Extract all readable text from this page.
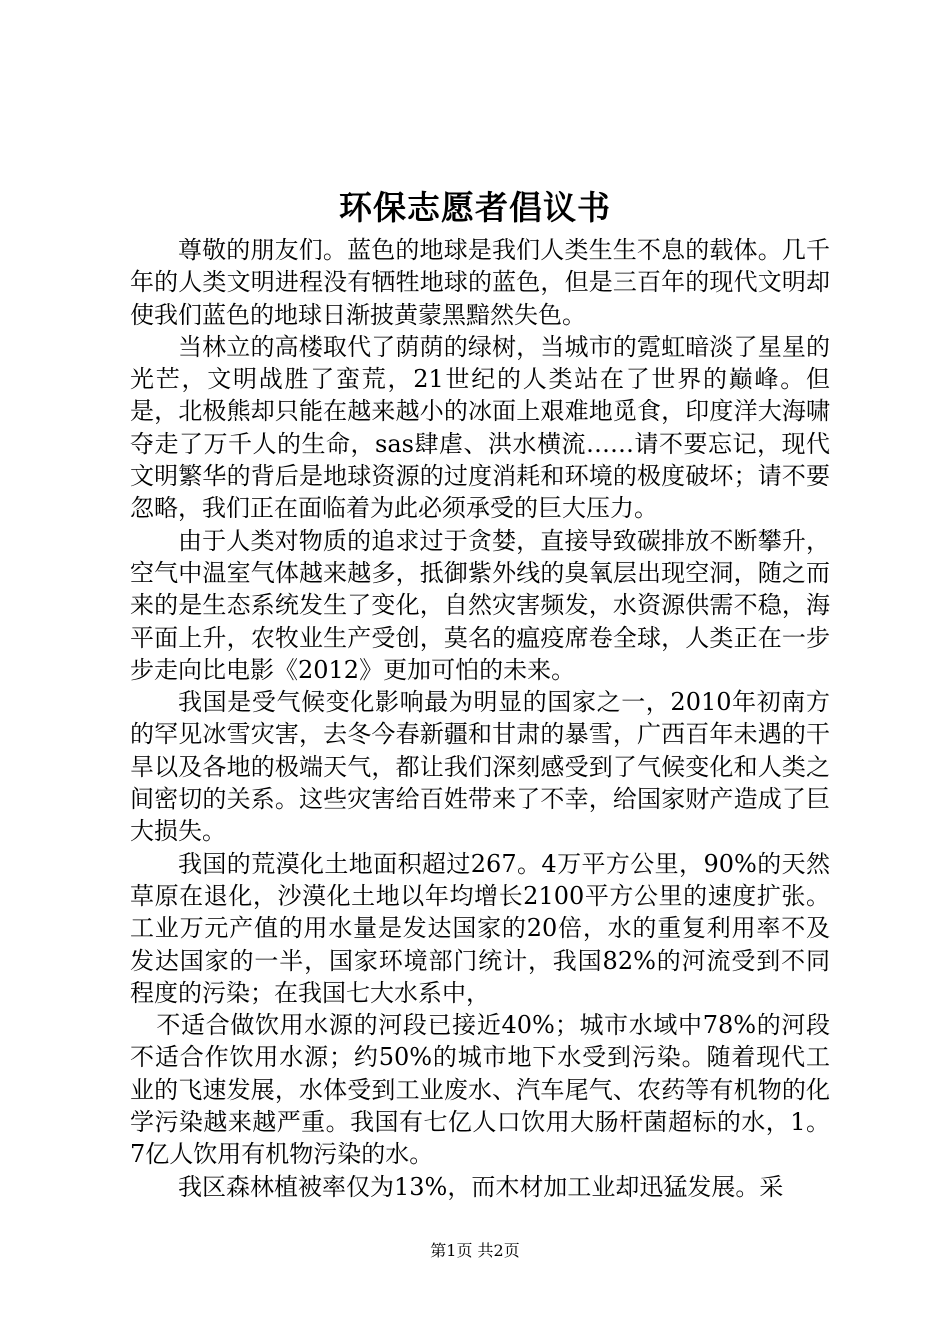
环保志愿者倡议书

尊敬的朋友们。蓝色的地球是我们人类生生不息的载体。几千年的人类文明进程没有牺牲地球的蓝色，但是三百年的现代文明却使我们蓝色的地球日渐披黄蒙黑黯然失色。

当林立的高楼取代了荫荫的绿树，当城市的霓虹暗淡了星星的光芒，文明战胜了蛮荒，21世纪的人类站在了世界的巅峰。但是，北极熊却只能在越来越小的冰面上艰难地觅食，印度洋大海啸夺走了万千人的生命，sas肆虐、洪水横流……请不要忘记，现代文明繁华的背后是地球资源的过度消耗和环境的极度破坏；请不要忽略，我们正在面临着为此必须承受的巨大压力。

由于人类对物质的追求过于贪婪，直接导致碳排放不断攀升，空气中温室气体越来越多，抵御紫外线的臭氧层出现空洞，随之而来的是生态系统发生了变化，自然灾害频发，水资源供需不稳，海平面上升，农牧业生产受创，莫名的瘟疫席卷全球，人类正在一步步走向比电影《2012》更加可怕的未来。

我国是受气候变化影响最为明显的国家之一，2010年初南方的罕见冰雪灾害，去冬今春新疆和甘肃的暴雪，广西百年未遇的干旱以及各地的极端天气，都让我们深刻感受到了气候变化和人类之间密切的关系。这些灾害给百姓带来了不幸，给国家财产造成了巨大损失。

我国的荒漠化土地面积超过267。4万平方公里，90%的天然草原在退化，沙漠化土地以年均增长2100平方公里的速度扩张。工业万元产值的用水量是发达国家的20倍，水的重复利用率不及发达国家的一半，国家环境部门统计，我国82%的河流受到不同程度的污染；在我国七大水系中，

不适合做饮用水源的河段已接近40%；城市水域中78%的河段不适合作饮用水源；约50%的城市地下水受到污染。随着现代工业的飞速发展，水体受到工业废水、汽车尾气、农药等有机物的化学污染越来越严重。我国有七亿人口饮用大肠杆菌超标的水，1。7亿人饮用有机物污染的水。

我区森林植被率仅为13%，而木材加工业却迅猛发展。采

第1页 共2页
